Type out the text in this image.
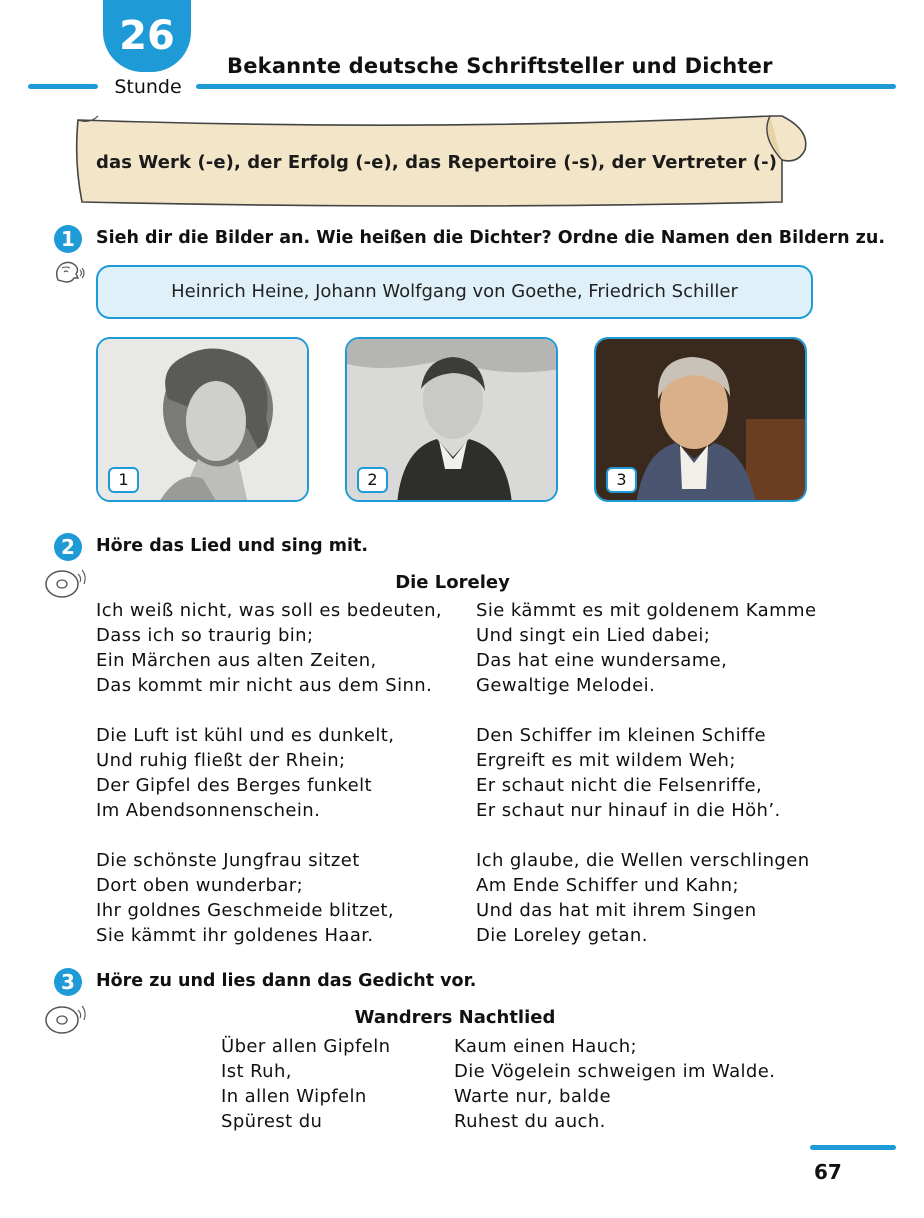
26
Stunde
Bekannte deutsche Schriftsteller und Dichter
das Werk (-e), der Erfolg (-e), das Repertoire (-s), der Vertreter (-)
1	Sieh dir die Bilder an. Wie heißen die Dichter? Ordne die Namen den Bildern zu.
Heinrich Heine, Johann Wolfgang von Goethe, Friedrich Schiller
1	2	3
2	Höre das Lied und sing mit.
Die Loreley
Ich weiß nicht, was soll es bedeuten,
Dass ich so traurig bin;
Ein Märchen aus alten Zeiten,
Das kommt mir nicht aus dem Sinn.
Die Luft ist kühl und es dunkelt,
Und ruhig fließt der Rhein;
Der Gipfel des Berges funkelt
Im Abendsonnenschein.
Die schönste Jungfrau sitzet
Dort oben wunderbar;
Ihr goldnes Geschmeide blitzet,
Sie kämmt ihr goldenes Haar.
Sie kämmt es mit goldenem Kamme
Und singt ein Lied dabei;
Das hat eine wundersame,
Gewaltige Melodei.
Den Schiffer im kleinen Schiffe
Ergreift es mit wildem Weh;
Er schaut nicht die Felsenriffe,
Er schaut nur hinauf in die Höh’.
Ich glaube, die Wellen verschlingen
Am Ende Schiffer und Kahn;
Und das hat mit ihrem Singen
Die Loreley getan.
3	Höre zu und lies dann das Gedicht vor.
Wandrers Nachtlied
Über allen Gipfeln
Ist Ruh,
In allen Wipfeln
Spürest du
Kaum einen Hauch;
Die Vögelein schweigen im Walde.
Warte nur, balde
Ruhest du auch.
67
